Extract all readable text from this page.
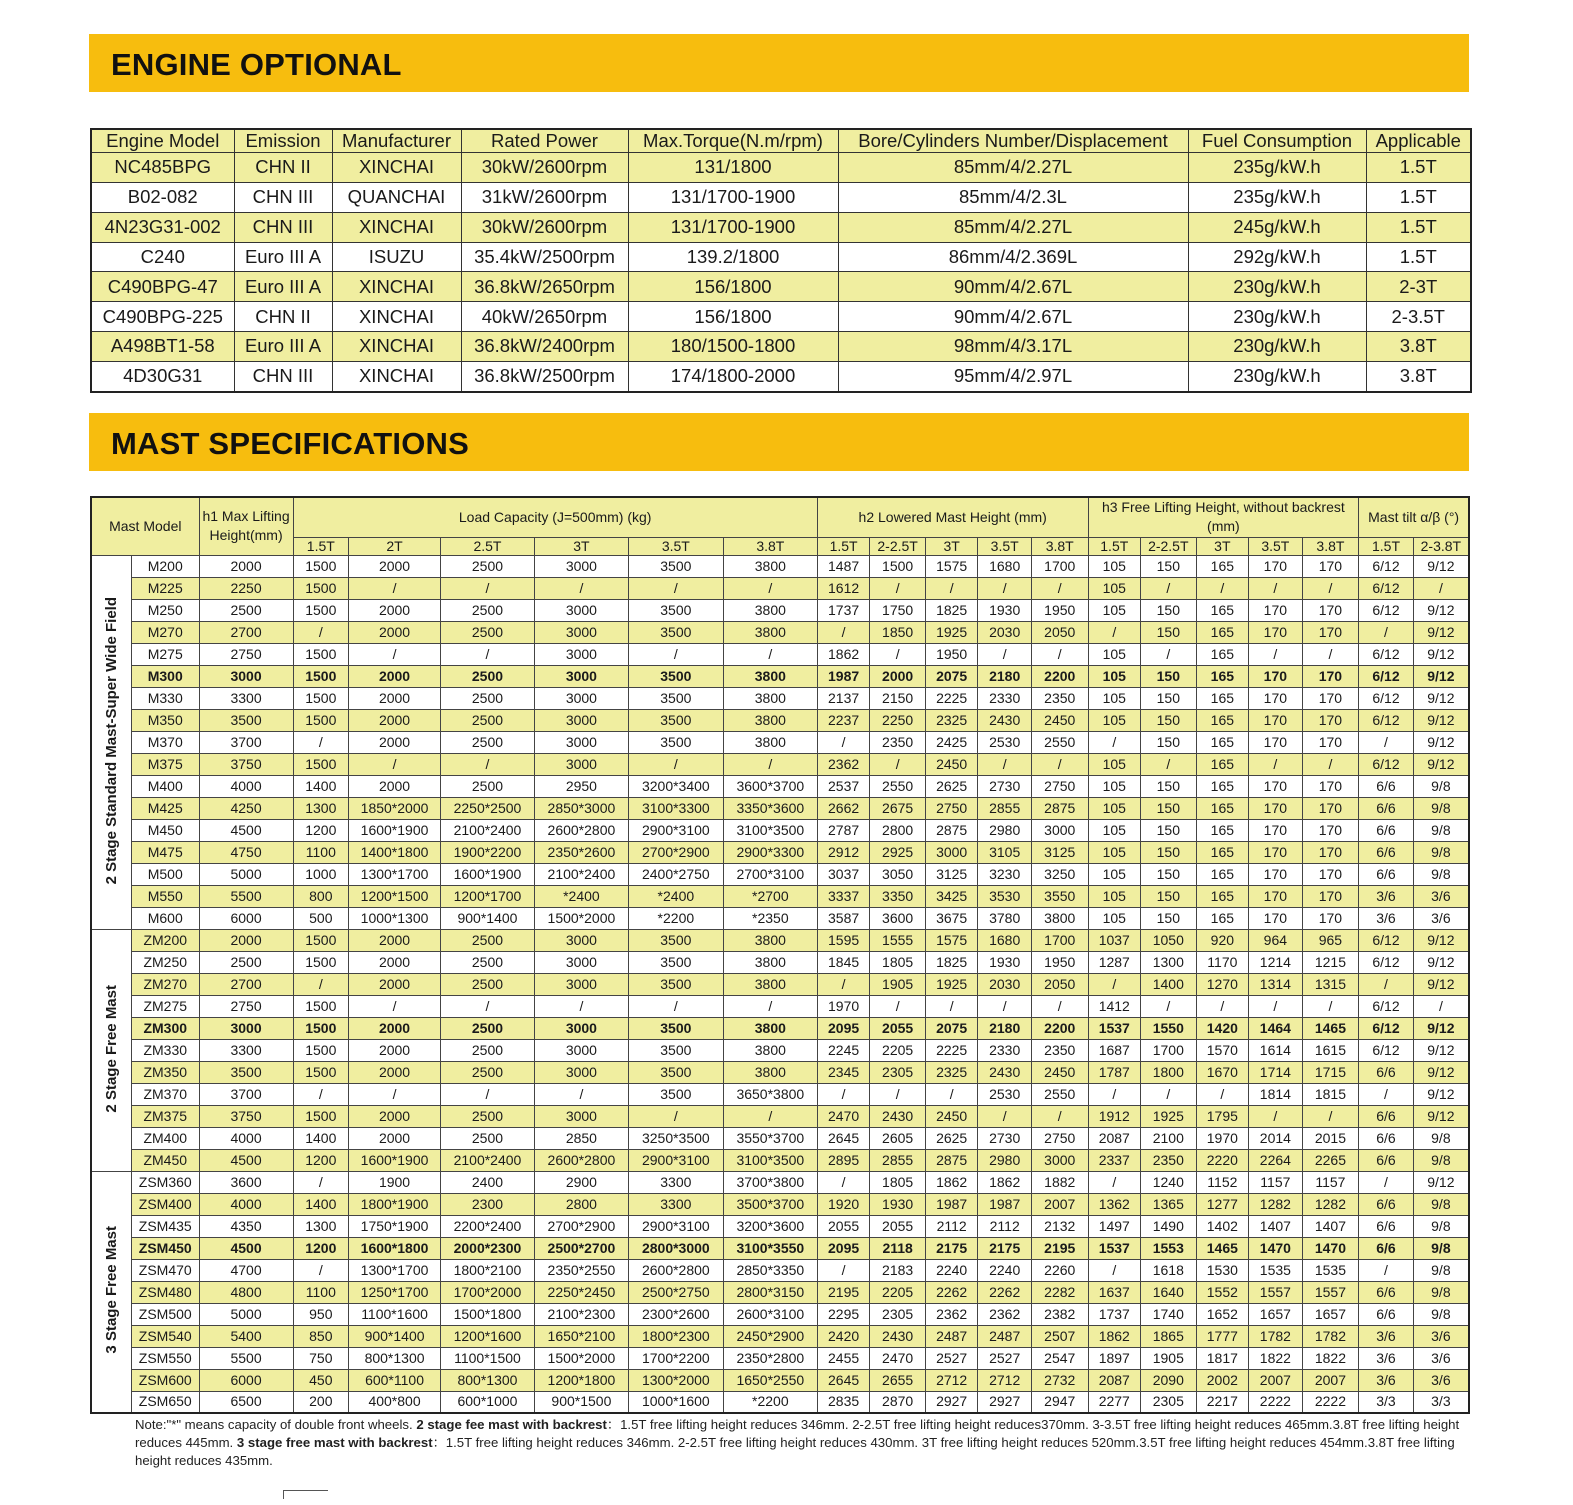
ENGINE OPTIONAL
Engine Model	Emission	Manufacturer	Rated Power	Max.Torque(N.m/rpm)	Bore/Cylinders Number/Displacement	Fuel Consumption	Applicable
NC485BPG	CHN II	XINCHAI	30kW/2600rpm	131/1800	85mm/4/2.27L	235g/kW.h	1.5T
B02-082	CHN III	QUANCHAI	31kW/2600rpm	131/1700-1900	85mm/4/2.3L	235g/kW.h	1.5T
4N23G31-002	CHN III	XINCHAI	30kW/2600rpm	131/1700-1900	85mm/4/2.27L	245g/kW.h	1.5T
C240	Euro III A	ISUZU	35.4kW/2500rpm	139.2/1800	86mm/4/2.369L	292g/kW.h	1.5T
C490BPG-47	Euro III A	XINCHAI	36.8kW/2650rpm	156/1800	90mm/4/2.67L	230g/kW.h	2-3T
C490BPG-225	CHN II	XINCHAI	40kW/2650rpm	156/1800	90mm/4/2.67L	230g/kW.h	2-3.5T
A498BT1-58	Euro III A	XINCHAI	36.8kW/2400rpm	180/1500-1800	98mm/4/3.17L	230g/kW.h	3.8T
4D30G31	CHN III	XINCHAI	36.8kW/2500rpm	174/1800-2000	95mm/4/2.97L	230g/kW.h	3.8T
MAST SPECIFICATIONS
Mast Model		h1 Max Lifting Height(mm)	Load Capacity (J=500mm) (kg)						h2 Lowered Mast Height (mm)					h3 Free Lifting Height, without backrest (mm)					Mast tilt α/β (°)	
			1.5T	2T	2.5T	3T	3.5T	3.8T	1.5T	2-2.5T	3T	3.5T	3.8T	1.5T	2-2.5T	3T	3.5T	3.8T	1.5T	2-3.8T
2 Stage Standard Mast-Super Wide Field	M200	2000	1500	2000	2500	3000	3500	3800	1487	1500	1575	1680	1700	105	150	165	170	170	6/12	9/12
	M225	2250	1500	/	/	/	/	/	1612	/	/	/	/	105	/	/	/	/	6/12	/
	M250	2500	1500	2000	2500	3000	3500	3800	1737	1750	1825	1930	1950	105	150	165	170	170	6/12	9/12
	M270	2700	/	2000	2500	3000	3500	3800	/	1850	1925	2030	2050	/	150	165	170	170	/	9/12
	M275	2750	1500	/	/	3000	/	/	1862	/	1950	/	/	105	/	165	/	/	6/12	9/12
	M300	3000	1500	2000	2500	3000	3500	3800	1987	2000	2075	2180	2200	105	150	165	170	170	6/12	9/12
	M330	3300	1500	2000	2500	3000	3500	3800	2137	2150	2225	2330	2350	105	150	165	170	170	6/12	9/12
	M350	3500	1500	2000	2500	3000	3500	3800	2237	2250	2325	2430	2450	105	150	165	170	170	6/12	9/12
	M370	3700	/	2000	2500	3000	3500	3800	/	2350	2425	2530	2550	/	150	165	170	170	/	9/12
	M375	3750	1500	/	/	3000	/	/	2362	/	2450	/	/	105	/	165	/	/	6/12	9/12
	M400	4000	1400	2000	2500	2950	3200*3400	3600*3700	2537	2550	2625	2730	2750	105	150	165	170	170	6/6	9/8
	M425	4250	1300	1850*2000	2250*2500	2850*3000	3100*3300	3350*3600	2662	2675	2750	2855	2875	105	150	165	170	170	6/6	9/8
	M450	4500	1200	1600*1900	2100*2400	2600*2800	2900*3100	3100*3500	2787	2800	2875	2980	3000	105	150	165	170	170	6/6	9/8
	M475	4750	1100	1400*1800	1900*2200	2350*2600	2700*2900	2900*3300	2912	2925	3000	3105	3125	105	150	165	170	170	6/6	9/8
	M500	5000	1000	1300*1700	1600*1900	2100*2400	2400*2750	2700*3100	3037	3050	3125	3230	3250	105	150	165	170	170	6/6	9/8
	M550	5500	800	1200*1500	1200*1700	*2400	*2400	*2700	3337	3350	3425	3530	3550	105	150	165	170	170	3/6	3/6
	M600	6000	500	1000*1300	900*1400	1500*2000	*2200	*2350	3587	3600	3675	3780	3800	105	150	165	170	170	3/6	3/6
2 Stage Free Mast	ZM200	2000	1500	2000	2500	3000	3500	3800	1595	1555	1575	1680	1700	1037	1050	920	964	965	6/12	9/12
	ZM250	2500	1500	2000	2500	3000	3500	3800	1845	1805	1825	1930	1950	1287	1300	1170	1214	1215	6/12	9/12
	ZM270	2700	/	2000	2500	3000	3500	3800	/	1905	1925	2030	2050	/	1400	1270	1314	1315	/	9/12
	ZM275	2750	1500	/	/	/	/	/	1970	/	/	/	/	1412	/	/	/	/	6/12	/
	ZM300	3000	1500	2000	2500	3000	3500	3800	2095	2055	2075	2180	2200	1537	1550	1420	1464	1465	6/12	9/12
	ZM330	3300	1500	2000	2500	3000	3500	3800	2245	2205	2225	2330	2350	1687	1700	1570	1614	1615	6/12	9/12
	ZM350	3500	1500	2000	2500	3000	3500	3800	2345	2305	2325	2430	2450	1787	1800	1670	1714	1715	6/6	9/12
	ZM370	3700	/	/	/	/	3500	3650*3800	/	/	/	2530	2550	/	/	/	1814	1815	/	9/12
	ZM375	3750	1500	2000	2500	3000	/	/	2470	2430	2450	/	/	1912	1925	1795	/	/	6/6	9/12
	ZM400	4000	1400	2000	2500	2850	3250*3500	3550*3700	2645	2605	2625	2730	2750	2087	2100	1970	2014	2015	6/6	9/8
	ZM450	4500	1200	1600*1900	2100*2400	2600*2800	2900*3100	3100*3500	2895	2855	2875	2980	3000	2337	2350	2220	2264	2265	6/6	9/8
3 Stage Free Mast	ZSM360	3600	/	1900	2400	2900	3300	3700*3800	/	1805	1862	1862	1882	/	1240	1152	1157	1157	/	9/12
	ZSM400	4000	1400	1800*1900	2300	2800	3300	3500*3700	1920	1930	1987	1987	2007	1362	1365	1277	1282	1282	6/6	9/8
	ZSM435	4350	1300	1750*1900	2200*2400	2700*2900	2900*3100	3200*3600	2055	2055	2112	2112	2132	1497	1490	1402	1407	1407	6/6	9/8
	ZSM450	4500	1200	1600*1800	2000*2300	2500*2700	2800*3000	3100*3550	2095	2118	2175	2175	2195	1537	1553	1465	1470	1470	6/6	9/8
	ZSM470	4700	/	1300*1700	1800*2100	2350*2550	2600*2800	2850*3350	/	2183	2240	2240	2260	/	1618	1530	1535	1535	/	9/8
	ZSM480	4800	1100	1250*1700	1700*2000	2250*2450	2500*2750	2800*3150	2195	2205	2262	2262	2282	1637	1640	1552	1557	1557	6/6	9/8
	ZSM500	5000	950	1100*1600	1500*1800	2100*2300	2300*2600	2600*3100	2295	2305	2362	2362	2382	1737	1740	1652	1657	1657	6/6	9/8
	ZSM540	5400	850	900*1400	1200*1600	1650*2100	1800*2300	2450*2900	2420	2430	2487	2487	2507	1862	1865	1777	1782	1782	3/6	3/6
	ZSM550	5500	750	800*1300	1100*1500	1500*2000	1700*2200	2350*2800	2455	2470	2527	2527	2547	1897	1905	1817	1822	1822	3/6	3/6
	ZSM600	6000	450	600*1100	800*1300	1200*1800	1300*2000	1650*2550	2645	2655	2712	2712	2732	2087	2090	2002	2007	2007	3/6	3/6
	ZSM650	6500	200	400*800	600*1000	900*1500	1000*1600	*2200	2835	2870	2927	2927	2947	2277	2305	2217	2222	2222	3/3	3/3
Note:"*" means capacity of double front wheels. 2 stage fee mast with backrest：1.5T free lifting height reduces 346mm. 2-2.5T free lifting height reduces370mm. 3-3.5T free lifting height reduces 465mm.3.8T free lifting height reduces 445mm. 3 stage free mast with backrest：1.5T free lifting height reduces 346mm. 2-2.5T free lifting height reduces 430mm. 3T free lifting height reduces 520mm.3.5T free lifting height reduces 454mm.3.8T free lifting height reduces 435mm.
